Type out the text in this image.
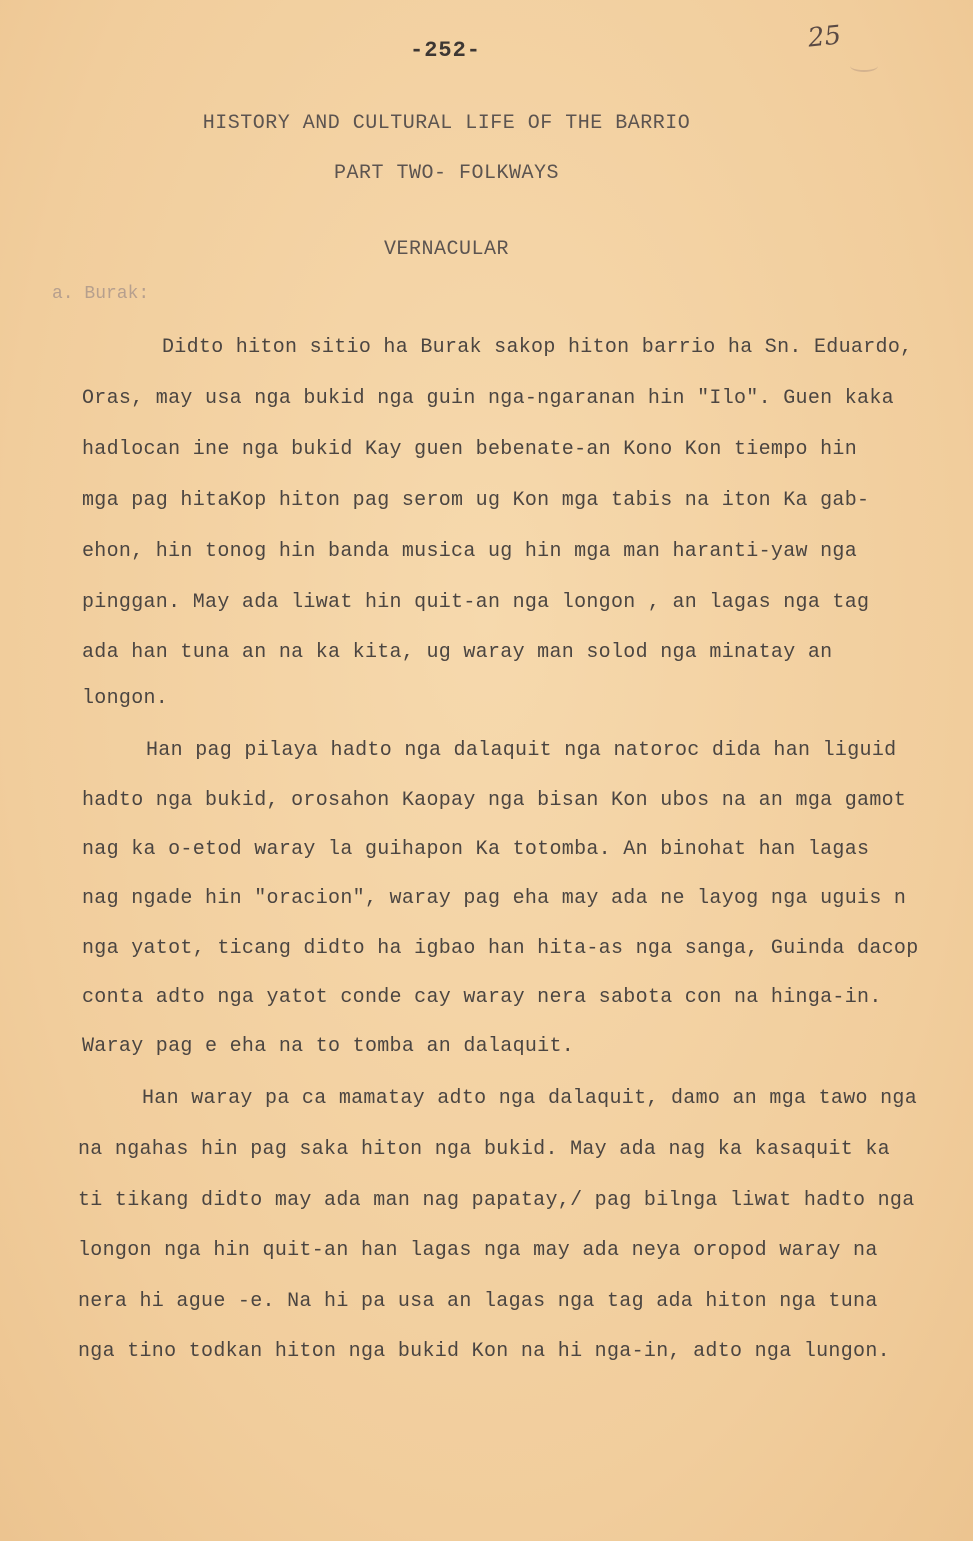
-252-	25
HISTORY AND CULTURAL LIFE OF THE BARRIO
PART TWO- FOLKWAYS
VERNACULAR
a. Burak:
Didto hiton sitio ha Burak sakop hiton barrio ha Sn. Eduardo,
Oras, may usa nga bukid nga guin nga-ngaranan hin "Ilo". Guen kaka
hadlocan ine nga bukid Kay guen bebenate-an Kono Kon tiempo hin
mga pag hitaKop hiton pag serom ug Kon mga tabis na iton Ka gab-
ehon, hin tonog hin banda musica ug hin mga man haranti-yaw nga
pinggan. May ada liwat hin quit-an nga longon , an lagas nga tag
ada han tuna an na ka kita, ug waray man solod nga minatay an
longon.
Han pag pilaya hadto nga dalaquit nga natoroc dida han liguid
hadto nga bukid, orosahon Kaopay nga bisan Kon ubos na an mga gamot
nag ka o-etod waray la guihapon Ka totomba. An binohat han lagas
nag ngade hin "oracion", waray pag eha may ada ne layog nga uguis n
nga yatot, ticang didto ha igbao han hita-as nga sanga, Guinda dacop
conta adto nga yatot conde cay waray nera sabota con na hinga-in.
Waray pag e eha na to tomba an dalaquit.
Han waray pa ca mamatay adto nga dalaquit, damo an mga tawo nga
na ngahas hin pag saka hiton nga bukid. May ada nag ka kasaquit ka
ti tikang didto may ada man nag papatay,/ pag bilnga liwat hadto nga
longon nga hin quit-an han lagas nga may ada neya oropod waray na
nera hi ague -e. Na hi pa usa an lagas nga tag ada hiton nga tuna
nga tino todkan hiton nga bukid Kon na hi nga-in, adto nga lungon.
